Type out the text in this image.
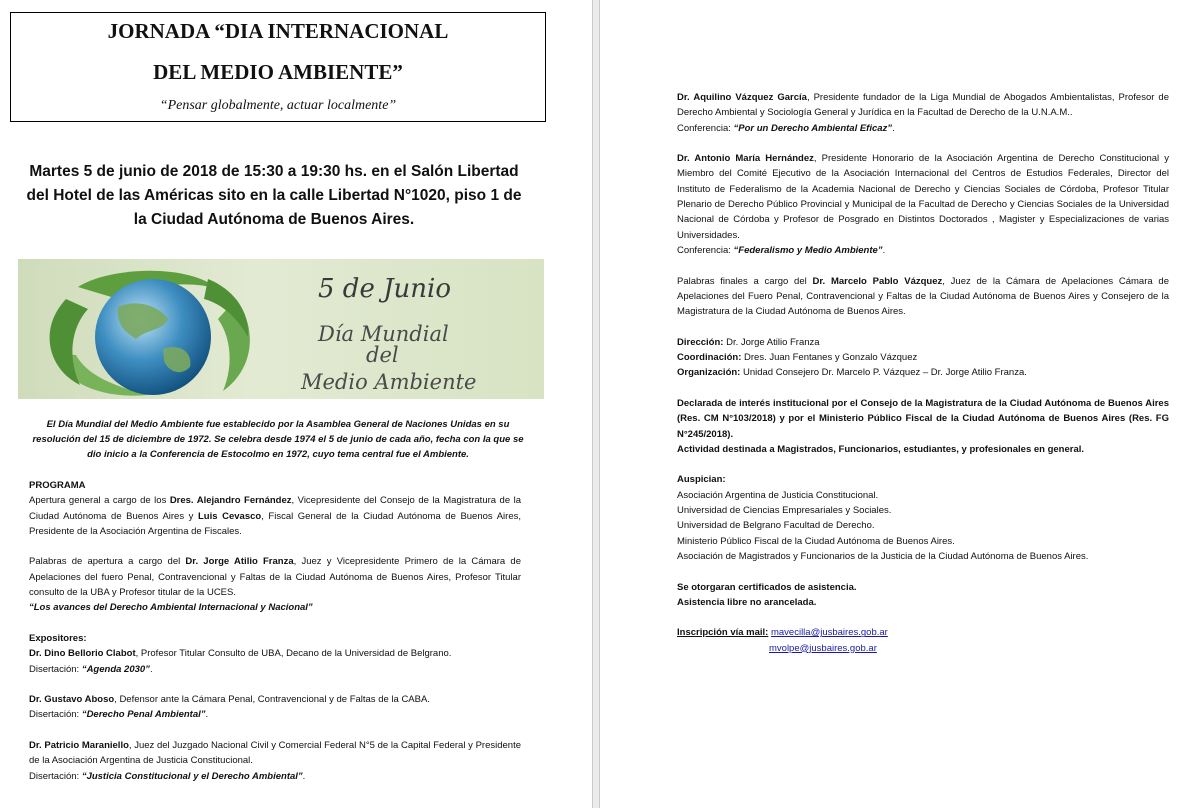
JORNADA “DIA INTERNACIONAL
DEL MEDIO AMBIENTE”
“Pensar globalmente, actuar localmente”
Martes 5 de junio de 2018 de 15:30 a 19:30 hs. en el Salón Libertad
del Hotel de las Américas sito en la calle Libertad N°1020, piso 1 de
la Ciudad Autónoma de Buenos Aires.
5 de Junio
Día Mundial
del
Medio Ambiente
El Día Mundial del Medio Ambiente fue establecido por la Asamblea General de Naciones Unidas en su
resolución del 15 de diciembre de 1972. Se celebra desde 1974 el 5 de junio de cada año, fecha con la que se
dio inicio a la Conferencia de Estocolmo en 1972, cuyo tema central fue el Ambiente.

PROGRAMA

Apertura general a cargo de los Dres. Alejandro Fernández, Vicepresidente del Consejo de la Magistratura de la Ciudad Autónoma de Buenos Aires y Luis Cevasco, Fiscal General de la Ciudad Autónoma de Buenos Aires, Presidente de la Asociación Argentina de Fiscales.

Palabras de apertura a cargo del Dr. Jorge Atilio Franza, Juez y Vicepresidente Primero de la Cámara de Apelaciones del fuero Penal, Contravencional y Faltas de la Ciudad Autónoma de Buenos Aires, Profesor Titular consulto de la UBA y Profesor titular de la UCES.

“Los avances del Derecho Ambiental Internacional y Nacional”

Expositores:

Dr. Dino Bellorio Clabot, Profesor Titular Consulto de UBA, Decano de la Universidad de Belgrano.

Disertación: “Agenda 2030”.

Dr. Gustavo Aboso, Defensor ante la Cámara Penal, Contravencional y de Faltas de la CABA.

Disertación: “Derecho Penal Ambiental”.

Dr. Patricio Maraniello, Juez del Juzgado Nacional Civil y Comercial Federal N°5 de la Capital Federal y Presidente de la Asociación Argentina de Justicia Constitucional.

Disertación: “Justicia Constitucional y el Derecho Ambiental”.

Dr. Aquilino Vázquez García, Presidente fundador de la Liga Mundial de Abogados Ambientalistas, Profesor de Derecho Ambiental y Sociología General y Jurídica en la Facultad de Derecho de la U.N.A.M..

Conferencia: “Por un Derecho Ambiental Eficaz”.

Dr. Antonio María Hernández, Presidente Honorario de la Asociación Argentina de Derecho Constitucional y Miembro del Comité Ejecutivo de la Asociación Internacional del Centros de Estudios Federales, Director del Instituto de Federalismo de la Academia Nacional de Derecho y Ciencias Sociales de Córdoba, Profesor Titular Plenario de Derecho Público Provincial y Municipal de la Facultad de Derecho y Ciencias Sociales de la Universidad Nacional de Córdoba y Profesor de Posgrado en Distintos Doctorados , Magister y Especializaciones de varias Universidades.

Conferencia: “Federalismo y Medio Ambiente”.

Palabras finales a cargo del Dr. Marcelo Pablo Vázquez, Juez de la Cámara de Apelaciones Cámara de Apelaciones del Fuero Penal, Contravencional y Faltas de la Ciudad Autónoma de Buenos Aires y Consejero de la Magistratura de la Ciudad Autónoma de Buenos Aires.

Dirección: Dr. Jorge Atilio Franza

Coordinación: Dres. Juan Fentanes y Gonzalo Vázquez

Organización: Unidad Consejero Dr. Marcelo P. Vázquez – Dr. Jorge Atilio Franza.

Declarada de interés institucional por el Consejo de la Magistratura de la Ciudad Autónoma de Buenos Aires (Res. CM N°103/2018) y por el Ministerio Público Fiscal de la Ciudad Autónoma de Buenos Aires (Res. FG N°245/2018).

Actividad destinada a Magistrados, Funcionarios, estudiantes, y profesionales en general.

Auspician:

Asociación Argentina de Justicia Constitucional.

Universidad de Ciencias Empresariales y Sociales.

Universidad de Belgrano Facultad de Derecho.

Ministerio Público Fiscal de la Ciudad Autónoma de Buenos Aires.

Asociación de Magistrados y Funcionarios de la Justicia de la Ciudad Autónoma de Buenos Aires.

Se otorgaran certificados de asistencia.

Asistencia libre no arancelada.

Inscripción vía mail: mavecilla@jusbaires.gob.ar

mvolpe@jusbaires.gob.ar
